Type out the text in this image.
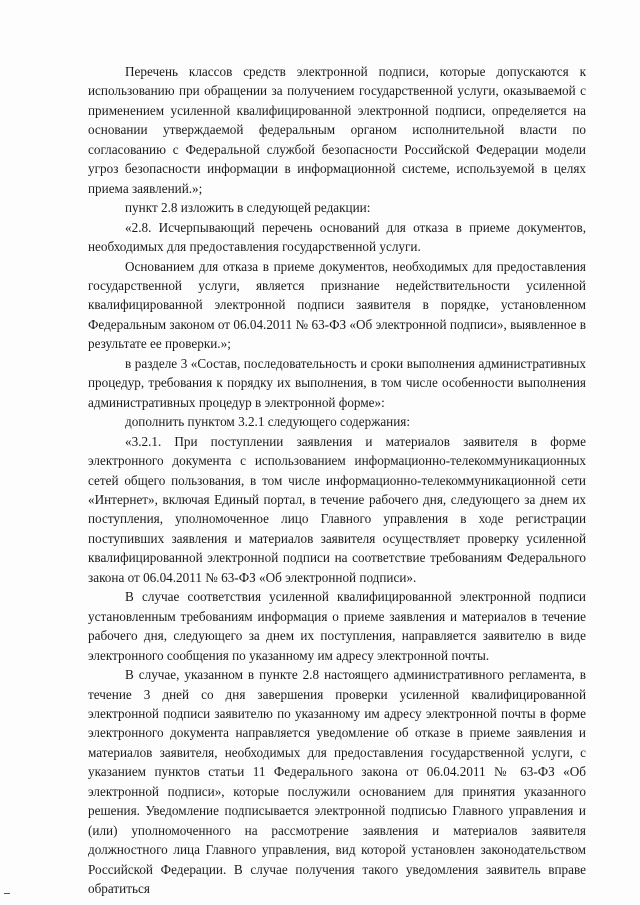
Перечень классов средств электронной подписи, которые допускаются к использованию при обращении за получением государственной услуги, оказываемой с применением усиленной квалифицированной электронной подписи, определяется на основании утверждаемой федеральным органом исполнительной власти по согласованию с Федеральной службой безопасности Российской Федерации модели угроз безопасности информации в информационной системе, используемой в целях приема заявлений.»;

пункт 2.8 изложить в следующей редакции:

«2.8. Исчерпывающий перечень оснований для отказа в приеме документов, необходимых для предоставления государственной услуги.

Основанием для отказа в приеме документов, необходимых для предоставления государственной услуги, является признание недействительности усиленной квалифицированной электронной подписи заявителя в порядке, установленном Федеральным законом от 06.04.2011 № 63-ФЗ «Об электронной подписи», выявленное в результате ее проверки.»;

в разделе 3 «Состав, последовательность и сроки выполнения административных процедур, требования к порядку их выполнения, в том числе особенности выполнения административных процедур в электронной форме»:

дополнить пунктом 3.2.1 следующего содержания:

«3.2.1. При поступлении заявления и материалов заявителя в форме электронного документа с использованием информационно-телекоммуникационных сетей общего пользования, в том числе информационно-телекоммуникационной сети «Интернет», включая Единый портал, в течение рабочего дня, следующего за днем их поступления, уполномоченное лицо Главного управления в ходе регистрации поступивших заявления и материалов заявителя осуществляет проверку усиленной квалифицированной электронной подписи на соответствие требованиям Федерального закона от 06.04.2011 № 63-ФЗ «Об электронной подписи».

В случае соответствия усиленной квалифицированной электронной подписи установленным требованиям информация о приеме заявления и материалов в течение рабочего дня, следующего за днем их поступления, направляется заявителю в виде электронного сообщения по указанному им адресу электронной почты.

В случае, указанном в пункте 2.8 настоящего административного регламента, в течение 3 дней со дня завершения проверки усиленной квалифицированной электронной подписи заявителю по указанному им адресу электронной почты в форме электронного документа направляется уведомление об отказе в приеме заявления и материалов заявителя, необходимых для предоставления государственной услуги, с указанием пунктов статьи 11 Федерального закона от 06.04.2011 № 63-ФЗ «Об электронной подписи», которые послужили основанием для принятия указанного решения. Уведомление подписывается электронной подписью Главного управления и (или) уполномоченного на рассмотрение заявления и материалов заявителя должностного лица Главного управления, вид которой установлен законодательством Российской Федерации. В случае получения такого уведомления заявитель вправе обратиться
